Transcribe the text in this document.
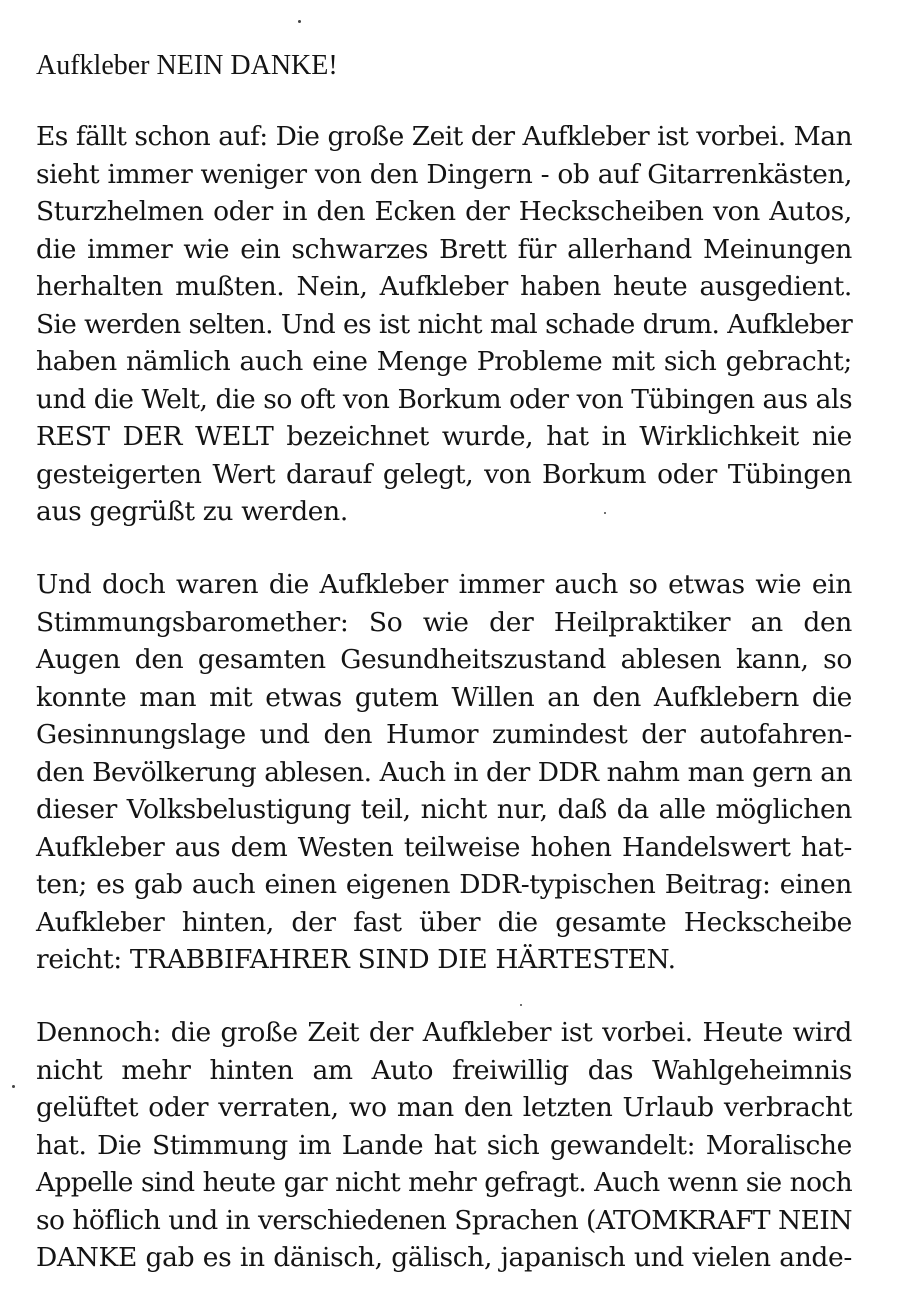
Aufkleber NEIN DANKE!
Es fällt schon auf: Die große Zeit der Aufkleber ist vorbei. Man
sieht immer weniger von den Dingern - ob auf Gitarrenkästen,
Sturzhelmen oder in den Ecken der Heckscheiben von Autos,
die immer wie ein schwarzes Brett für allerhand Meinungen
herhalten mußten. Nein, Aufkleber haben heute ausgedient.
Sie werden selten. Und es ist nicht mal schade drum. Aufkleber
haben nämlich auch eine Menge Probleme mit sich gebracht;
und die Welt, die so oft von Borkum oder von Tübingen aus als
REST DER WELT bezeichnet wurde, hat in Wirklichkeit nie
gesteigerten Wert darauf gelegt, von Borkum oder Tübingen
aus gegrüßt zu werden.
Und doch waren die Aufkleber immer auch so etwas wie ein
Stimmungsbaromether: So wie der Heilpraktiker an den
Augen den gesamten Gesundheitszustand ablesen kann, so
konnte man mit etwas gutem Willen an den Aufklebern die
Gesinnungslage und den Humor zumindest der autofahren-
den Bevölkerung ablesen. Auch in der DDR nahm man gern an
dieser Volksbelustigung teil, nicht nur, daß da alle möglichen
Aufkleber aus dem Westen teilweise hohen Handelswert hat-
ten; es gab auch einen eigenen DDR-typischen Beitrag: einen
Aufkleber hinten, der fast über die gesamte Heckscheibe
reicht: TRABBIFAHRER SIND DIE HÄRTESTEN.
Dennoch: die große Zeit der Aufkleber ist vorbei. Heute wird
nicht mehr hinten am Auto freiwillig das Wahlgeheimnis
gelüftet oder verraten, wo man den letzten Urlaub verbracht
hat. Die Stimmung im Lande hat sich gewandelt: Moralische
Appelle sind heute gar nicht mehr gefragt. Auch wenn sie noch
so höflich und in verschiedenen Sprachen (ATOMKRAFT NEIN
DANKE gab es in dänisch, gälisch, japanisch und vielen ande-
